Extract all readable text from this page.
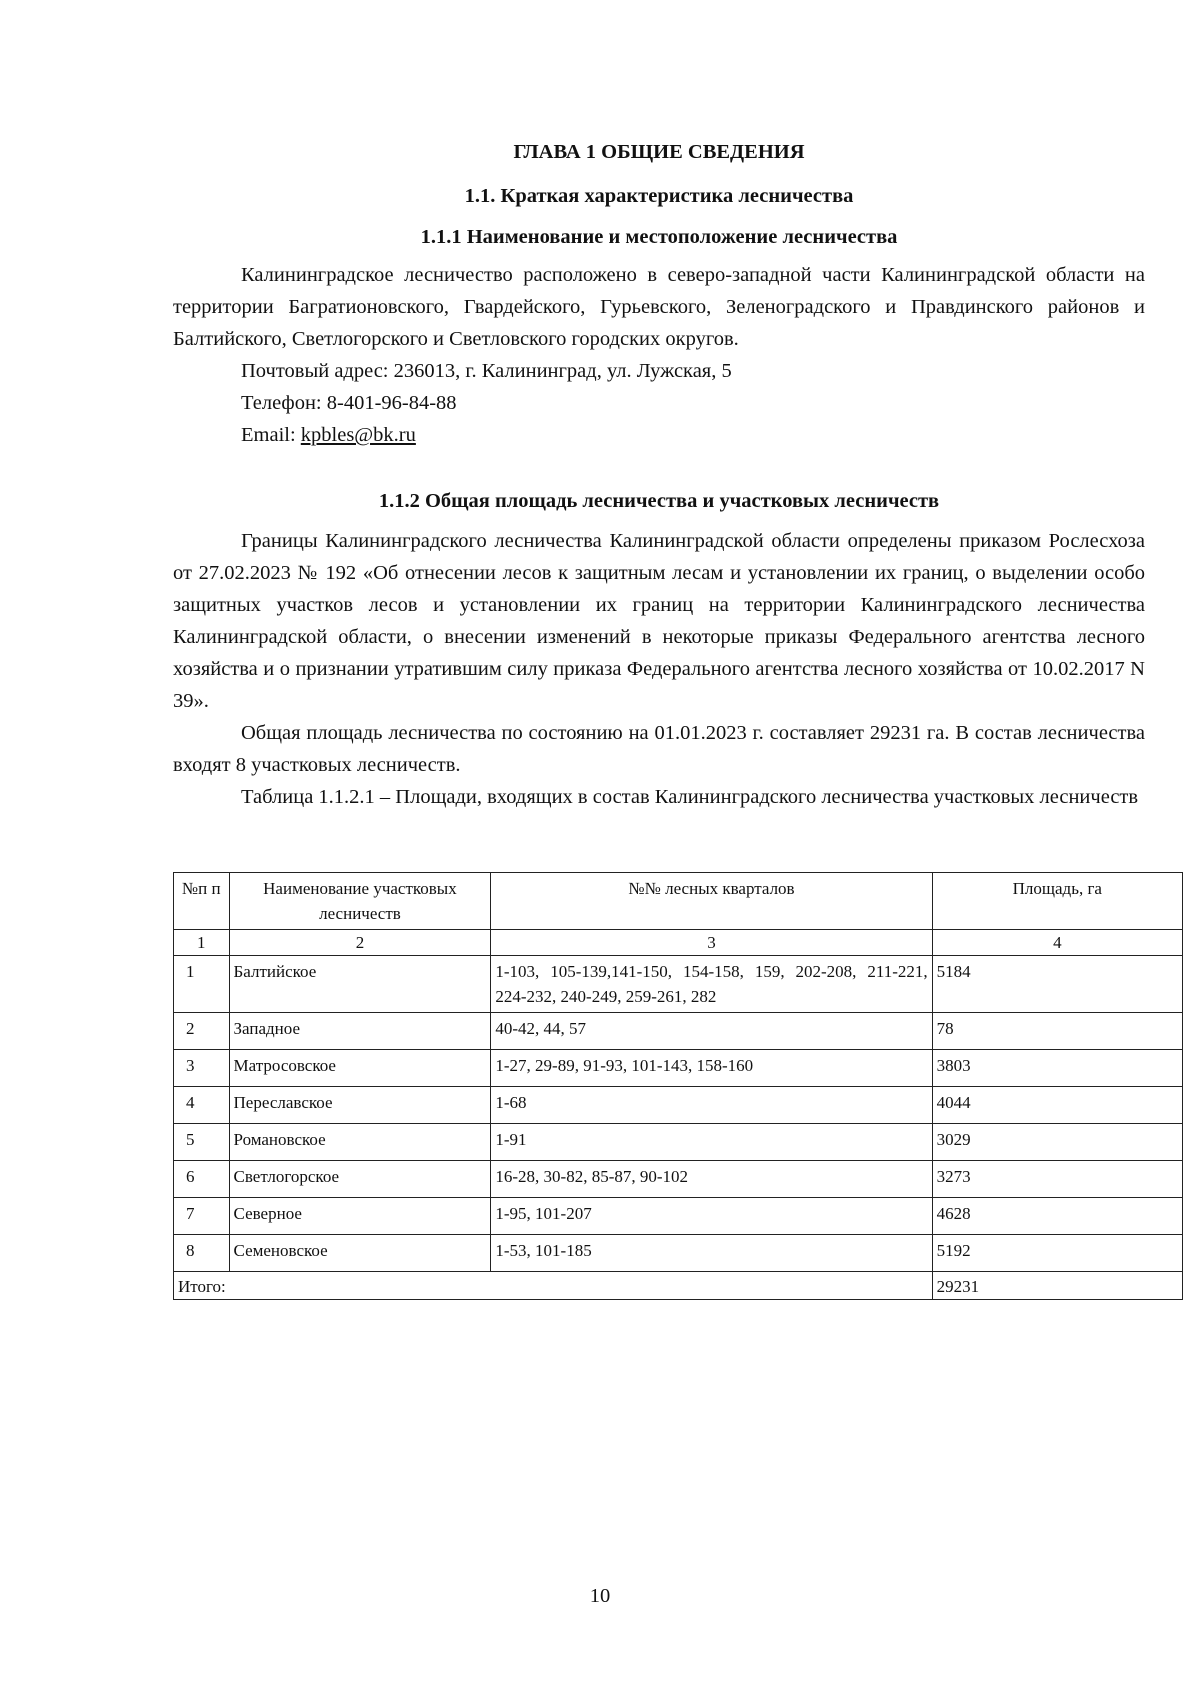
ГЛАВА 1 ОБЩИЕ СВЕДЕНИЯ
1.1. Краткая характеристика лесничества
1.1.1 Наименование и местоположение лесничества

Калининградское лесничество расположено в северо-западной части Калининградской области на территории Багратионовского, Гвардейского, Гурьевского, Зеленоградского и Правдинского районов и Балтийского, Светлогорского и Светловского городских округов.

Почтовый адрес: 236013, г. Калининград, ул. Лужская, 5

Телефон: 8-401-96-84-88

Email: kpbles@bk.ru

1.1.2 Общая площадь лесничества и участковых лесничеств

Границы Калининградского лесничества Калининградской области определены приказом Рослесхоза от 27.02.2023 № 192 «Об отнесении лесов к защитным лесам и установлении их границ, о выделении особо защитных участков лесов и установлении их границ на территории Калининградского лесничества Калининградской области, о внесении изменений в некоторые приказы Федерального агентства лесного хозяйства и о признании утратившим силу приказа Федерального агентства лесного хозяйства от 10.02.2017 N 39».

Общая площадь лесничества по состоянию на 01.01.2023 г. составляет 29231 га. В состав лесничества входят 8 участковых лесничеств.

Таблица 1.1.2.1 – Площади, входящих в состав Калининградского лесничества участковых лесничеств

№п п	Наименование участковых лесничеств	№№ лесных кварталов	Площадь, га
1	2	3	4
1	Балтийское	1-103, 105-139,141-150, 154-158, 159, 202-208, 211-221, 224-232, 240-249, 259-261, 282	5184
2	Западное	40-42, 44, 57	78
3	Матросовское	1-27, 29-89, 91-93, 101-143, 158-160	3803
4	Переславское	1-68	4044
5	Романовское	1-91	3029
6	Светлогорское	16-28, 30-82, 85-87, 90-102	3273
7	Северное	1-95, 101-207	4628
8	Семеновское	1-53, 101-185	5192
Итого:			29231
10
